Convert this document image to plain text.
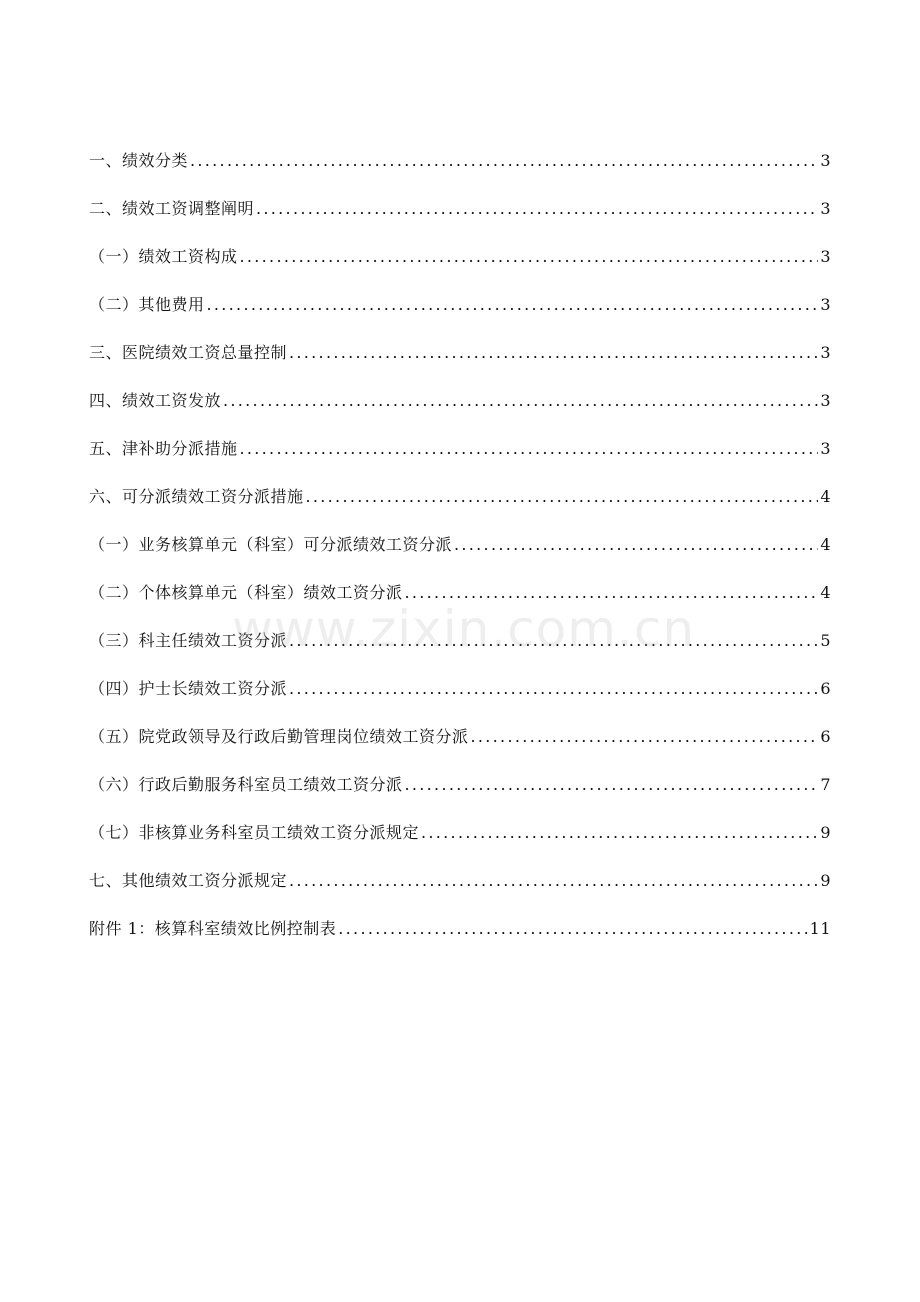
一、绩效分类 .....	3
二、绩效工资调整阐明 .....	3
（一）绩效工资构成 .....	3
（二）其他费用 .....	3
三、医院绩效工资总量控制 .....	3
四、绩效工资发放 .....	3
五、津补助分派措施 .....	3
六、可分派绩效工资分派措施 .....	4
（一）业务核算单元（科室）可分派绩效工资分派 .....	4
（二）个体核算单元（科室）绩效工资分派 .....	4
（三）科主任绩效工资分派 .....	5
（四）护士长绩效工资分派 .....	6
（五）院党政领导及行政后勤管理岗位绩效工资分派 .....	6
（六）行政后勤服务科室员工绩效工资分派 .....	7
（七）非核算业务科室员工绩效工资分派规定 .....	9
七、其他绩效工资分派规定 .....	9
附件 1：核算科室绩效比例控制表 .....	11
www.zixin.com.cn
